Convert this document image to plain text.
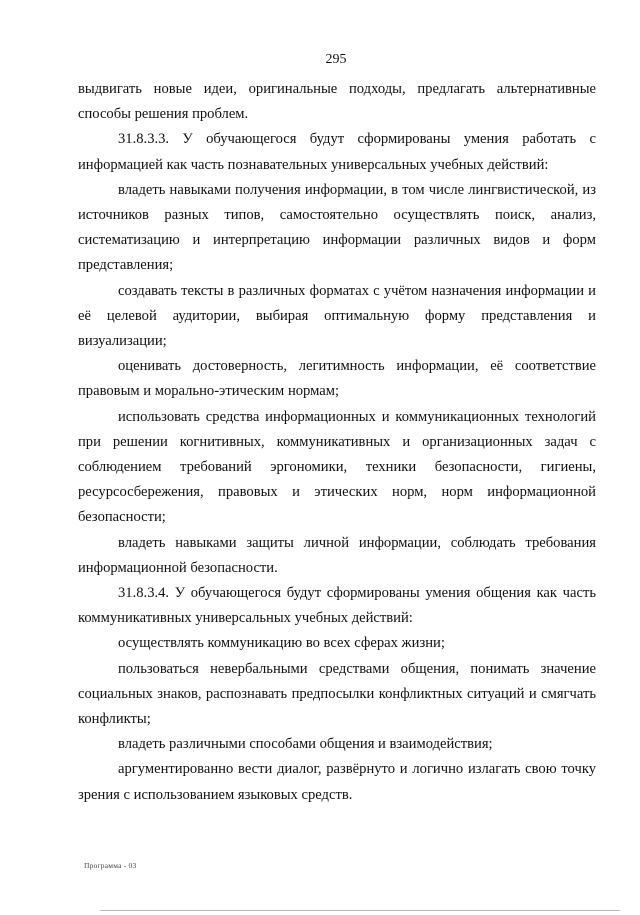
295

выдвигать новые идеи, оригинальные подходы, предлагать альтернативные способы решения проблем.

31.8.3.3. У обучающегося будут сформированы умения работать с информацией как часть познавательных универсальных учебных действий:

владеть навыками получения информации, в том числе лингвистической, из источников разных типов, самостоятельно осуществлять поиск, анализ, систематизацию и интерпретацию информации различных видов и форм представления;

создавать тексты в различных форматах с учётом назначения информации и её целевой аудитории, выбирая оптимальную форму представления и визуализации;

оценивать достоверность, легитимность информации, её соответствие правовым и морально-этическим нормам;

использовать средства информационных и коммуникационных технологий при решении когнитивных, коммуникативных и организационных задач с соблюдением требований эргономики, техники безопасности, гигиены, ресурсосбережения, правовых и этических норм, норм информационной безопасности;

владеть навыками защиты личной информации, соблюдать требования информационной безопасности.

31.8.3.4. У обучающегося будут сформированы умения общения как часть коммуникативных универсальных учебных действий:

осуществлять коммуникацию во всех сферах жизни;

пользоваться невербальными средствами общения, понимать значение социальных знаков, распознавать предпосылки конфликтных ситуаций и смягчать конфликты;

владеть различными способами общения и взаимодействия;

аргументированно вести диалог, развёрнуто и логично излагать свою точку зрения с использованием языковых средств.

Программа - 03
